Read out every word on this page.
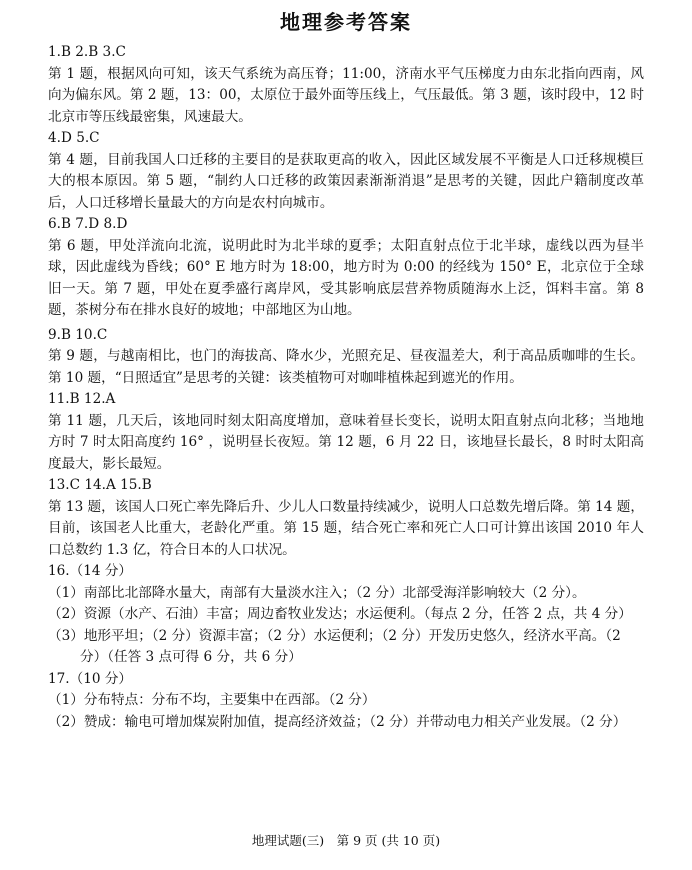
地理参考答案
1.B 2.B 3.C
第 1 题，根据风向可知，该天气系统为高压脊；11:00，济南水平气压梯度力由东北指向西南，风向为偏东风。第 2 题，13：00，太原位于最外面等压线上，气压最低。第 3 题，该时段中，12 时北京市等压线最密集，风速最大。
4.D 5.C
第 4 题，目前我国人口迁移的主要目的是获取更高的收入，因此区域发展不平衡是人口迁移规模巨大的根本原因。第 5 题，“制约人口迁移的政策因素渐渐消退”是思考的关键，因此户籍制度改革后，人口迁移增长量最大的方向是农村向城市。
6.B 7.D 8.D
第 6 题，甲处洋流向北流，说明此时为北半球的夏季；太阳直射点位于北半球，虚线以西为昼半球，因此虚线为昏线；60° E 地方时为 18:00，地方时为 0:00 的经线为 150° E，北京位于全球旧一天。第 7 题，甲处在夏季盛行离岸风，受其影响底层营养物质随海水上泛，饵料丰富。第 8 题，茶树分布在排水良好的坡地；中部地区为山地。
9.B 10.C
第 9 题，与越南相比，也门的海拔高、降水少，光照充足、昼夜温差大，利于高品质咖啡的生长。第 10 题，“日照适宜”是思考的关键：该类植物可对咖啡植株起到遮光的作用。
11.B 12.A
第 11 题，几天后，该地同时刻太阳高度增加，意味着昼长变长，说明太阳直射点向北移；当地地方时 7 时太阳高度约 16° ，说明昼长夜短。第 12 题，6 月 22 日，该地昼长最长，8 时时太阳高度最大，影长最短。
13.C 14.A 15.B
第 13 题，该国人口死亡率先降后升、少儿人口数量持续减少，说明人口总数先增后降。第 14 题，目前，该国老人比重大，老龄化严重。第 15 题，结合死亡率和死亡人口可计算出该国 2010 年人口总数约 1.3 亿，符合日本的人口状况。
16.（14 分）
（1）南部比北部降水量大，南部有大量淡水注入；（2 分）北部受海洋影响较大（2 分）。
（2）资源（水产、石油）丰富；周边畜牧业发达；水运便利。（每点 2 分，任答 2 点，共 4 分）
（3）地形平坦；（2 分）资源丰富；（2 分）水运便利；（2 分）开发历史悠久，经济水平高。（2 分）（任答 3 点可得 6 分，共 6 分）
17.（10 分）
（1）分布特点：分布不均，主要集中在西部。（2 分）
（2）赞成：输电可增加煤炭附加值，提高经济效益；（2 分）并带动电力相关产业发展。（2 分）
地理试题(三)　第 9 页 (共 10 页)
